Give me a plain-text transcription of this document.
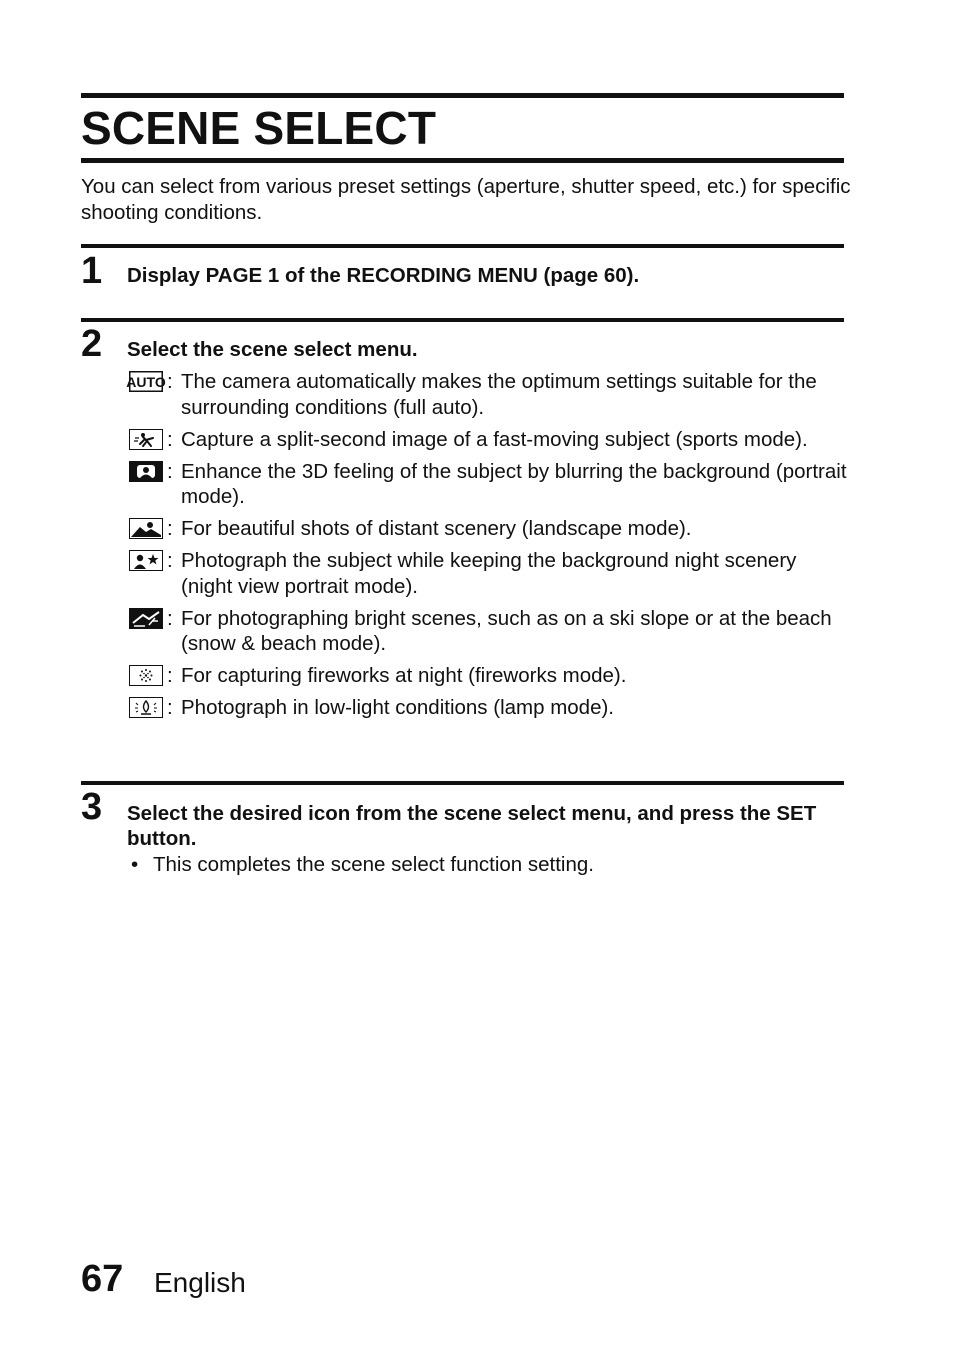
SCENE SELECT

You can select from various preset settings (aperture, shutter speed, etc.) for specific shooting conditions.

1 Display PAGE 1 of the RECORDING MENU (page 60).
2 Select the scene select menu.
AUTO : The camera automatically makes the optimum settings suitable for the surrounding conditions (full auto).
: Capture a split-second image of a fast-moving subject (sports mode).
: Enhance the 3D feeling of the subject by blurring the background (portrait mode).
: For beautiful shots of distant scenery (landscape mode).
: Photograph the subject while keeping the background night scenery (night view portrait mode).
: For photographing bright scenes, such as on a ski slope or at the beach (snow & beach mode).
: For capturing fireworks at night (fireworks mode).
: Photograph in low-light conditions (lamp mode).
3 Select the desired icon from the scene select menu, and press the SET button.
• This completes the scene select function setting.
67 English
